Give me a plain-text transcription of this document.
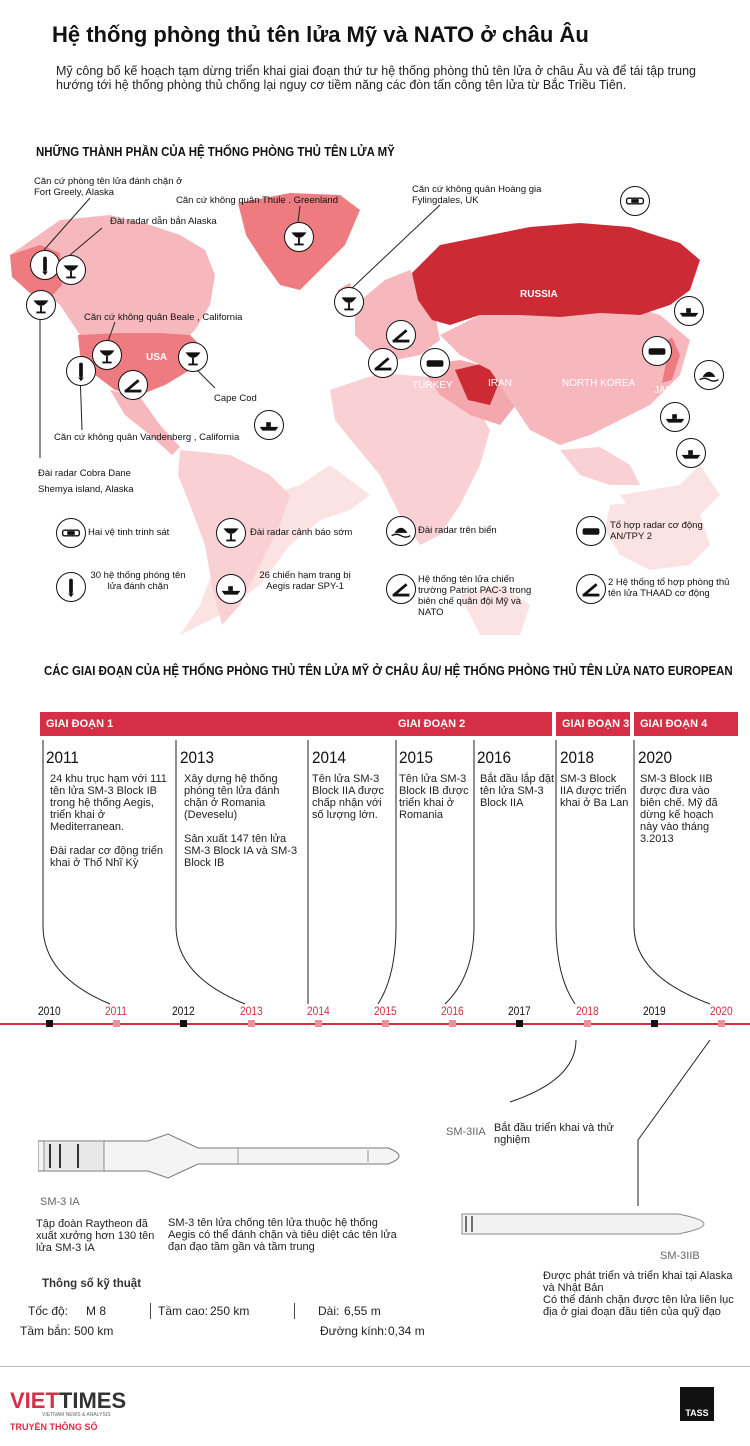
Hệ thống phòng thủ tên lửa Mỹ và NATO ở châu Âu
Mỹ công bố kế hoạch tạm dừng triển khai giai đoạn thứ tư hệ thống phòng thủ tên lửa ở châu Âu và để tái tập trung hướng tới hệ thống phòng thủ chống lại nguy cơ tiềm năng các đòn tấn công tên lửa từ Bắc Triều Tiên.
NHỮNG THÀNH PHẦN CỦA HỆ THỐNG PHÒNG THỦ TÊN LỬA MỸ
RUSSIA
USA
UK
TURKEY	IRAN	NORTH KOREA
JAPAN
Căn cứ phòng tên lửa đánh chặn ở Fort Greely, Alaska
Đài radar dẫn bắn Alaska
Căn cứ không quân Thule . Greenland
Căn cứ không quân Hoàng gia Fylingdales, UK
Căn cứ không quân Beale , California
Cape Cod
Căn cứ không quân Vandenberg , California
Đài radar Cobra Dane Shemya island, Alaska
Hai vệ tinh trinh sát	Đài radar cảnh báo sớm	Đài radar trên biển	Tổ hợp radar cơ động AN/TPY 2
30 hệ thống phóng tên lửa đánh chặn
26 chiến hạm trang bị Aegis radar SPY-1
Hệ thống tên lửa chiến trường Patriot PAC-3 trong biên chế quân đội Mỹ và NATO
2 Hệ thống tổ hợp phòng thủ tên lửa THAAD cơ động
CÁC GIAI ĐOẠN CỦA HỆ THỐNG PHÒNG THỦ TÊN LỬA MỸ Ở CHÂU ÂU/ HỆ THỐNG PHÒNG THỦ TÊN LỬA NATO EUROPEAN
GIAI ĐOẠN 1	GIAI ĐOẠN 2	GIAI ĐOẠN 3 GIAI ĐOẠN 4
2011
24 khu trục hạm với 111 tên lửa SM-3 Block IB trong hệ thống Aegis, triển khai ở Mediterranean.

Đài radar cơ động triển khai ở Thổ Nhĩ Kỳ
2013
Xây dựng hệ thống phóng tên lửa đánh chặn ở Romania (Deveselu)

Sản xuất 147 tên lửa SM-3 Block IA và SM-3 Block IB
2014
Tên lửa SM-3 Block IIA được chấp nhận với số lượng lớn.
2015
Tên lửa SM-3 Block IB được triển khai ở Romania
2016
Bắt đầu lắp đặt tên lửa SM-3 Block IIA
2018
SM-3 Block IIA được triển khai ở Ba Lan
2020
SM-3 Block IIB được đưa vào biên chế. Mỹ đã dừng kế hoạch này vào tháng 3.2013
2010	2011	2012	2013	2014	2015	2016	2017	2018	2019	2020
SM-3 IA
Tập đoàn Raytheon đã xuất xưởng hơn 130 tên lửa SM-3 IA
SM-3 tên lửa chống tên lửa thuộc hệ thống Aegis có thể đánh chặn và tiêu diệt các tên lửa đạn đạo tầm gần và tầm trung
SM-3IIA Bắt đầu triển khai và thử nghiệm
SM-3IIB
Được phát triển và triển khai tại Alaska và Nhật Bản
Có thể đánh chặn được tên lửa liên lục địa ở giai đoạn đầu tiên của quỹ đạo
Thông số kỹ thuật
Tốc độ: M 8
Tầm bắn: 500 km
Tầm cao: 250 km	Dài: 6,55 m
Đường kính: 0,34 m
VIETTIMES
VIETNAM NEWS & ANALYSIS
TRUYỀN THÔNG SỐ
TASS
